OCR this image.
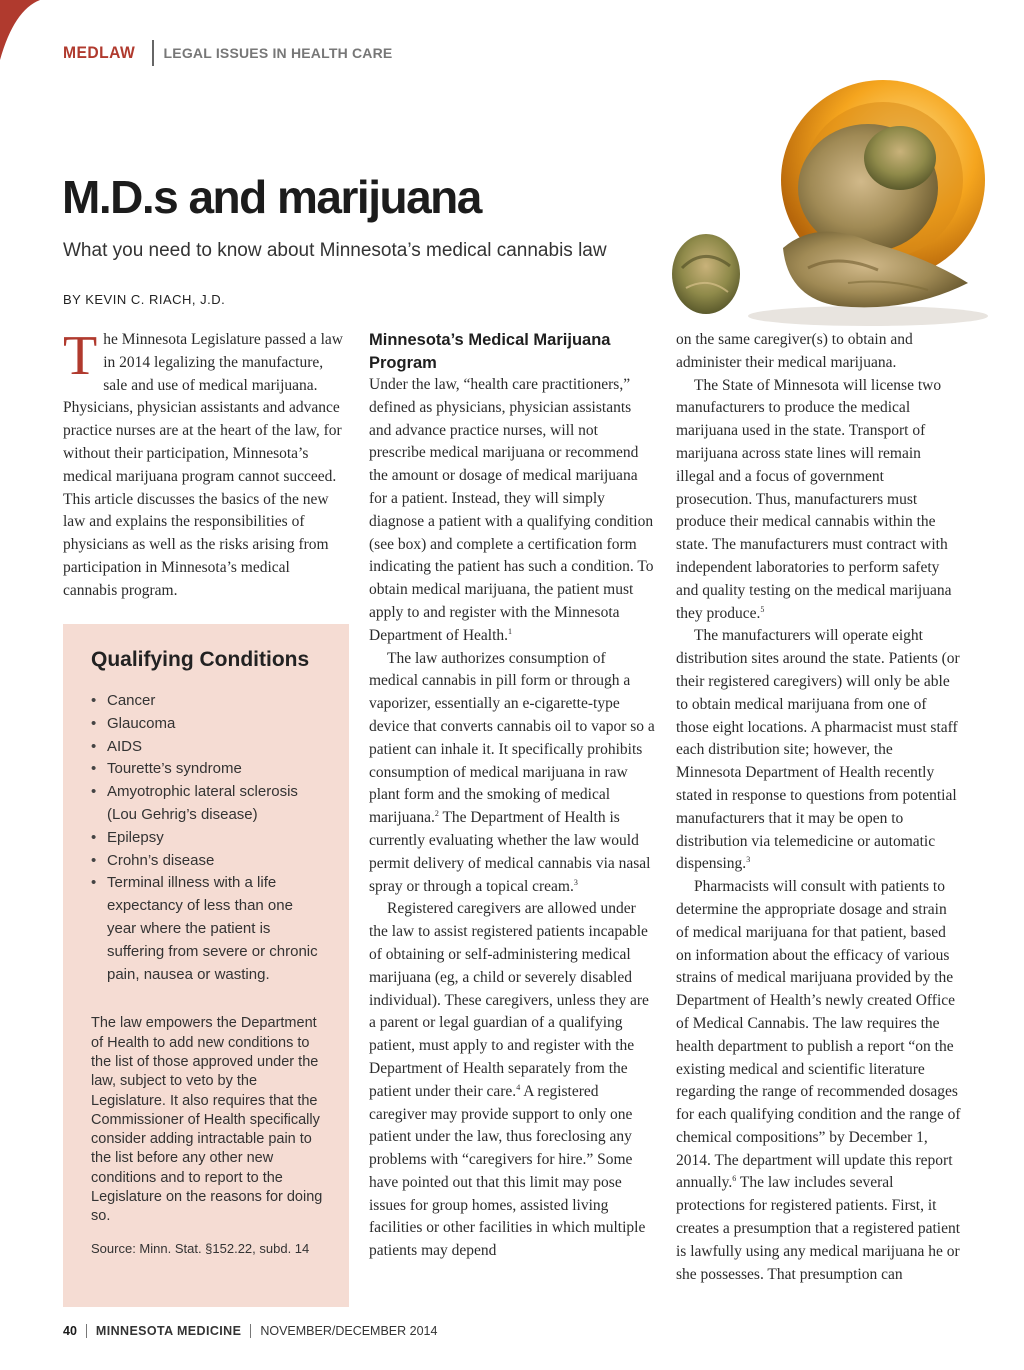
MEDLAW LEGAL ISSUES IN HEALTH CARE
M.D.s and marijuana
What you need to know about Minnesota’s medical cannabis law
BY KEVIN C. RIACH, J.D.

The Minnesota Legislature passed a law in 2014 legalizing the manufacture, sale and use of medical marijuana. Physicians, physician assistants and advance practice nurses are at the heart of the law, for without their participation, Minnesota’s medical marijuana program cannot succeed. This article discusses the basics of the new law and explains the responsibilities of physicians as well as the risks arising from participation in Minnesota’s medical cannabis program.

Qualifying Conditions
• Cancer
• Glaucoma
• AIDS
• Tourette’s syndrome
• Amyotrophic lateral sclerosis (Lou Gehrig’s disease)
• Epilepsy
• Crohn’s disease
• Terminal illness with a life expectancy of less than one year where the patient is suffering from severe or chronic pain, nausea or wasting.

The law empowers the Department of Health to add new conditions to the list of those approved under the law, subject to veto by the Legislature. It also requires that the Commissioner of Health specifically consider adding intractable pain to the list before any other new conditions and to report to the Legislature on the reasons for doing so.

Source: Minn. Stat. §152.22, subd. 14

Minnesota’s Medical Marijuana Program

Under the law, “health care practitioners,” defined as physicians, physician assistants and advance practice nurses, will not prescribe medical marijuana or recommend the amount or dosage of medical marijuana for a patient. Instead, they will simply diagnose a patient with a qualifying condition (see box) and complete a certification form indicating the patient has such a condition. To obtain medical marijuana, the patient must apply to and register with the Minnesota Department of Health.$^1$

The law authorizes consumption of medical cannabis in pill form or through a vaporizer, essentially an e-cigarette-type device that converts cannabis oil to vapor so a patient can inhale it. It specifically prohibits consumption of medical marijuana in raw plant form and the smoking of medical marijuana.$^2$ The Department of Health is currently evaluating whether the law would permit delivery of medical cannabis via nasal spray or through a topical cream.$^3$

Registered caregivers are allowed under the law to assist registered patients incapable of obtaining or self-administering medical marijuana (eg, a child or severely disabled individual). These caregivers, unless they are a parent or legal guardian of a qualifying patient, must apply to and register with the Department of Health separately from the patient under their care.$^4$ A registered caregiver may provide support to only one patient under the law, thus foreclosing any problems with “caregivers for hire.” Some have pointed out that this limit may pose issues for group homes, assisted living facilities or other facilities in which multiple patients may depend

on the same caregiver(s) to obtain and administer their medical marijuana.

The State of Minnesota will license two manufacturers to produce the medical marijuana used in the state. Transport of marijuana across state lines will remain illegal and a focus of government prosecution. Thus, manufacturers must produce their medical cannabis within the state. The manufacturers must contract with independent laboratories to perform safety and quality testing on the medical marijuana they produce.$^5$

The manufacturers will operate eight distribution sites around the state. Patients (or their registered caregivers) will only be able to obtain medical marijuana from one of those eight locations. A pharmacist must staff each distribution site; however, the Minnesota Department of Health recently stated in response to questions from potential manufacturers that it may be open to distribution via telemedicine or automatic dispensing.$^3$

Pharmacists will consult with patients to determine the appropriate dosage and strain of medical marijuana for that patient, based on information about the efficacy of various strains of medical marijuana provided by the Department of Health’s newly created Office of Medical Cannabis. The law requires the health department to publish a report “on the existing medical and scientific literature regarding the range of recommended dosages for each qualifying condition and the range of chemical compositions” by December 1, 2014. The department will update this report annually.$^6$ The law includes several protections for registered patients. First, it creates a presumption that a registered patient is lawfully using any medical marijuana he or she possesses. That presumption can

40 MINNESOTA MEDICINE NOVEMBER/DECEMBER 2014
